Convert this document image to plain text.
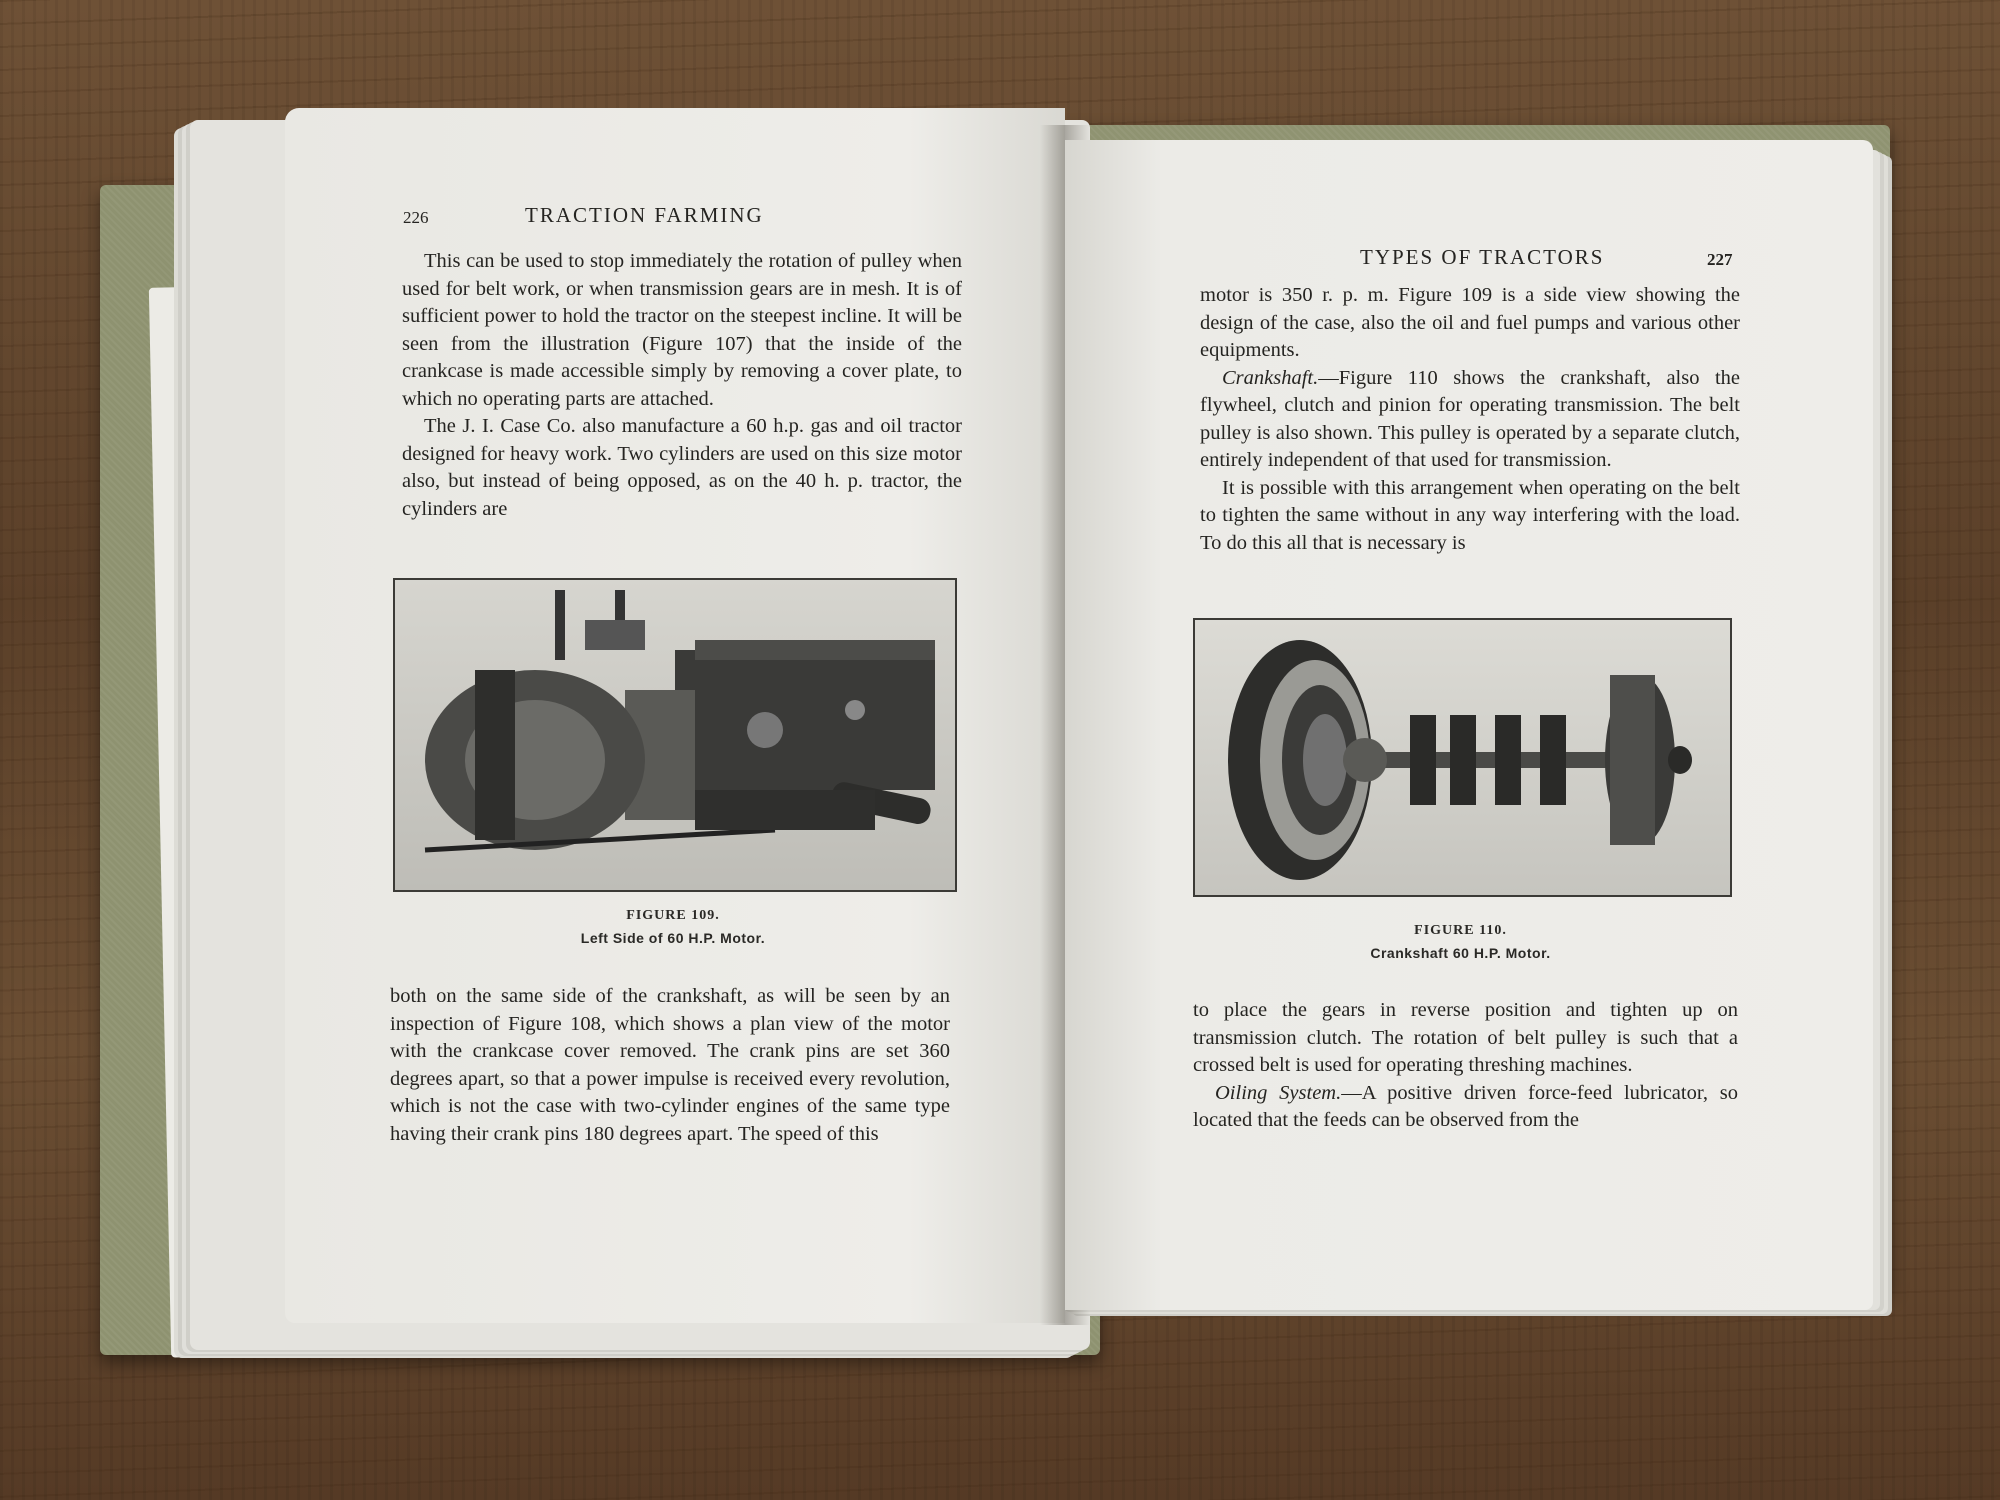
226	TRACTION FARMING

This can be used to stop immediately the rotation of pulley when used for belt work, or when transmission gears are in mesh. It is of sufficient power to hold the tractor on the steepest incline. It will be seen from the illustration (Figure 107) that the inside of the crankcase is made accessible simply by removing a cover plate, to which no operating parts are attached.

The J. I. Case Co. also manufacture a 60 h.p. gas and oil tractor designed for heavy work. Two cylinders are used on this size motor also, but instead of being opposed, as on the 40 h. p. tractor, the cylinders are

FIGURE 109.
Left Side of 60 H.P. Motor.

both on the same side of the crankshaft, as will be seen by an inspection of Figure 108, which shows a plan view of the motor with the crankcase cover removed. The crank pins are set 360 degrees apart, so that a power impulse is received every revolution, which is not the case with two-cylinder engines of the same type having their crank pins 180 degrees apart. The speed of this

TYPES OF TRACTORS	227

motor is 350 r. p. m. Figure 109 is a side view showing the design of the case, also the oil and fuel pumps and various other equipments.

Crankshaft.—Figure 110 shows the crankshaft, also the flywheel, clutch and pinion for operating transmission. The belt pulley is also shown. This pulley is operated by a separate clutch, entirely independent of that used for transmission.

It is possible with this arrangement when operating on the belt to tighten the same without in any way interfering with the load. To do this all that is necessary is

FIGURE 110.
Crankshaft 60 H.P. Motor.

to place the gears in reverse position and tighten up on transmission clutch. The rotation of belt pulley is such that a crossed belt is used for operating threshing machines.

Oiling System.—A positive driven force-feed lubricator, so located that the feeds can be observed from the
